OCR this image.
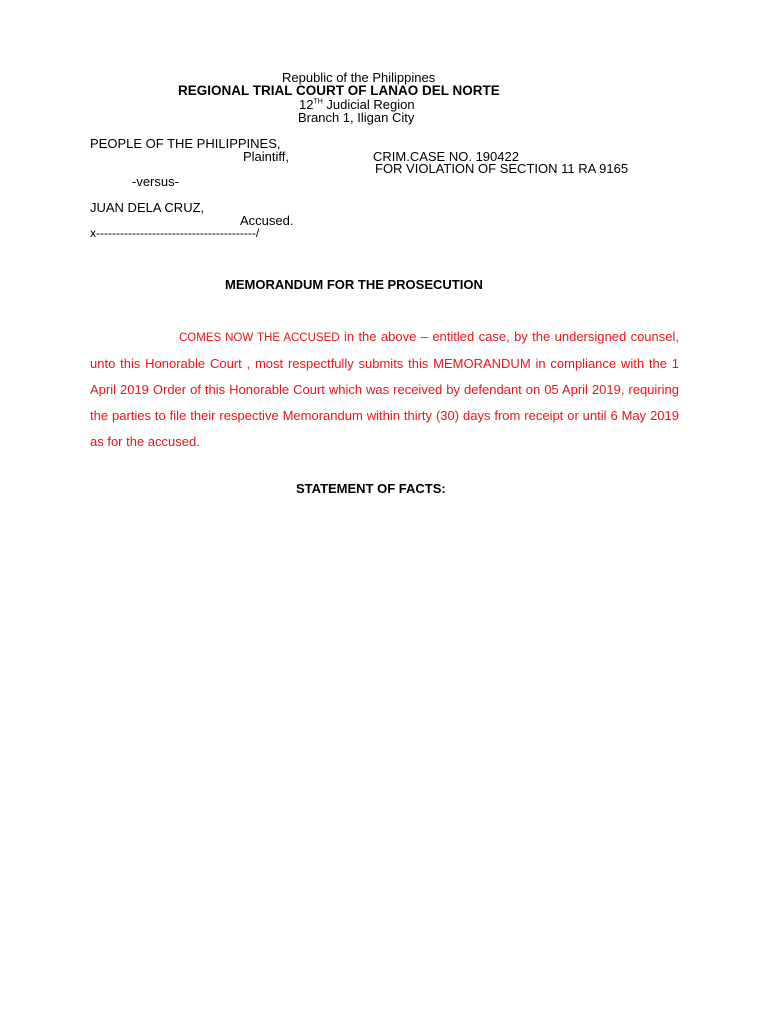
Republic of the Philippines
REGIONAL TRIAL COURT OF LANAO DEL NORTE
12TH Judicial Region
Branch 1, Iligan City
PEOPLE OF THE PHILIPPINES,
Plaintiff,	CRIM.CASE NO. 190422
FOR VIOLATION OF SECTION 11 RA 9165
-versus-
JUAN DELA CRUZ,
Accused.
x----------------------------------------/
MEMORANDUM FOR THE PROSECUTION
COMES NOW THE ACCUSED in the above – entitled case, by the undersigned counsel, unto this Honorable Court , most respectfully submits this MEMORANDUM in compliance with the 1 April 2019 Order of this Honorable Court which was received by defendant on 05 April 2019, requiring the parties to file their respective Memorandum within thirty (30) days from receipt or until 6 May 2019 as for the accused.
STATEMENT OF FACTS:
